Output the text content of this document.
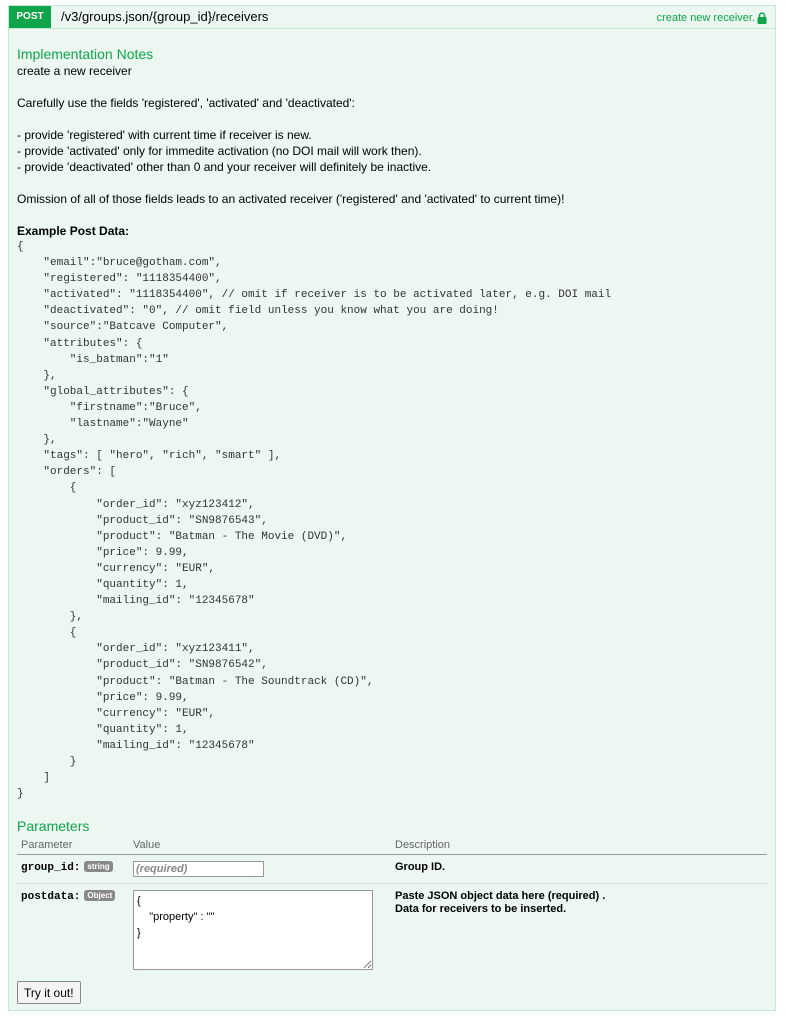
POST	/v3/groups.json/{group_id}/receivers	create new receiver.
Implementation Notes
create a new receiver

Carefully use the fields 'registered', 'activated' and 'deactivated':

- provide 'registered' with current time if receiver is new.
- provide 'activated' only for immedite activation (no DOI mail will work then).
- provide 'deactivated' other than 0 and your receiver will definitely be inactive.

Omission of all of those fields leads to an activated receiver ('registered' and 'activated' to current time)!

Example Post Data:
{
"email":"bruce@gotham.com",
"registered": "1118354400",
"activated": "1118354400", // omit if receiver is to be activated later, e.g. DOI mail
"deactivated": "0", // omit field unless you know what you are doing!
"source":"Batcave Computer",
"attributes": {
"is_batman":"1"
},
"global_attributes": {
"firstname":"Bruce",
"lastname":"Wayne"
},
"tags": [ "hero", "rich", "smart" ],
"orders": [
{
"order_id": "xyz123412",
"product_id": "SN9876543",
"product": "Batman - The Movie (DVD)",
"price": 9.99,
"currency": "EUR",
"quantity": 1,
"mailing_id": "12345678"
},
{
"order_id": "xyz123411",
"product_id": "SN9876542",
"product": "Batman - The Soundtrack (CD)",
"price": 9.99,
"currency": "EUR",
"quantity": 1,
"mailing_id": "12345678"
}
]
}
Parameters
Parameter	Value	Description
group_id: string	(required)	Group ID.
postdata: Object	{ "property" : "" }	Paste JSON object data here (required) .
Data for receivers to be inserted.
Try it out!
